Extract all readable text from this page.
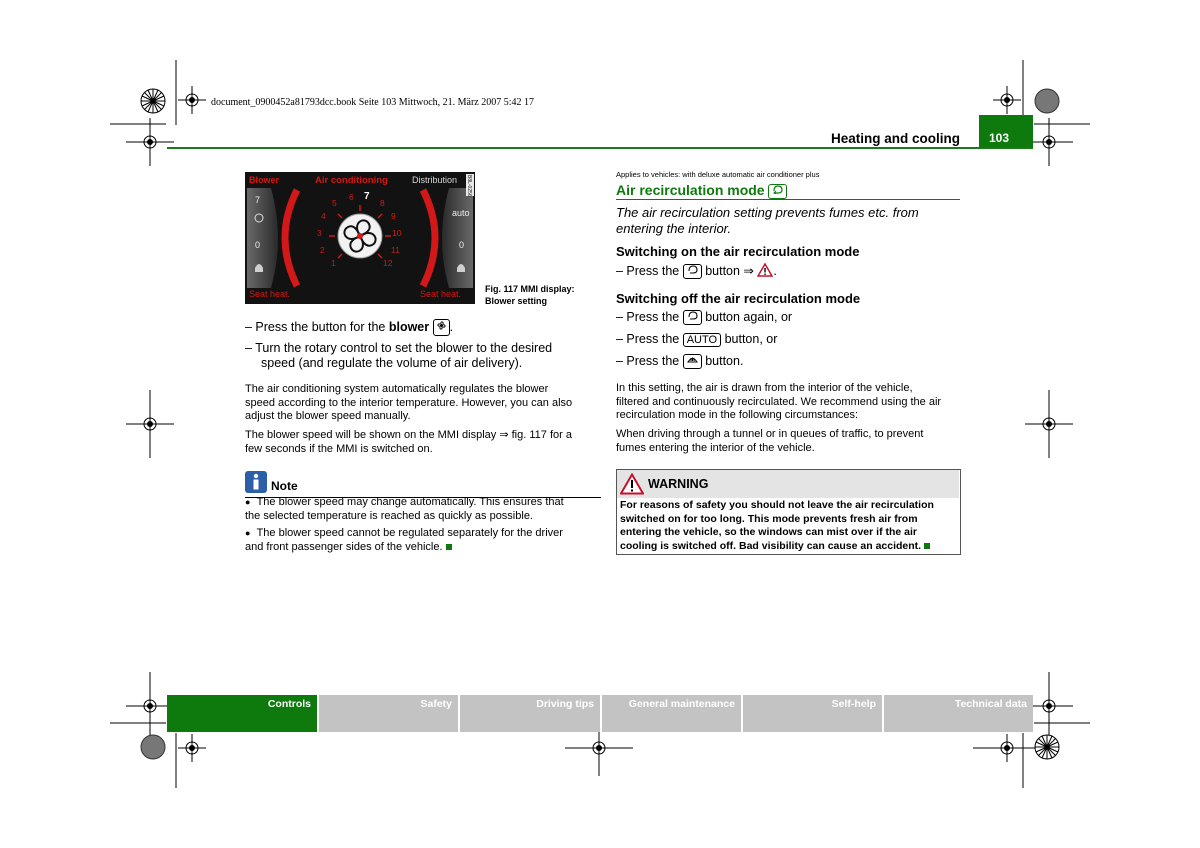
document_0900452a81793dcc.book Seite 103 Mittwoch, 21. März 2007 5:42 17
Heating and cooling	103
Blower	Air conditioning	Distribution B8L-0256
7
0
auto
0
Seat heat.	Seat heat.
7
1
2
3
4
5
6
8
9
10
11
12
Fig. 117 MMI display:
Blower setting
– Press the button for the blower .
– Turn the rotary control to set the blower to the desired
speed (and regulate the volume of air delivery).
The air conditioning system automatically regulates the blower
speed according to the interior temperature. However, you can also
adjust the blower speed manually.
The blower speed will be shown on the MMI display ⇒ fig. 117 for a
few seconds if the MMI is switched on.
Note
● The blower speed may change automatically. This ensures that
the selected temperature is reached as quickly as possible.
● The blower speed cannot be regulated separately for the driver
and front passenger sides of the vehicle.
Applies to vehicles: with deluxe automatic air conditioner plus
Air recirculation mode
The air recirculation setting prevents fumes etc. from
entering the interior.
Switching on the air recirculation mode
– Press the button ⇒ .
Switching off the air recirculation mode
– Press the button again, or
– Press the AUTO button, or
– Press the button.
In this setting, the air is drawn from the interior of the vehicle,
filtered and continuously recirculated. We recommend using the air
recirculation mode in the following circumstances:
When driving through a tunnel or in queues of traffic, to prevent
fumes entering the interior of the vehicle.
WARNING
For reasons of safety you should not leave the air recirculation
switched on for too long. This mode prevents fresh air from
entering the vehicle, so the windows can mist over if the air
cooling is switched off. Bad visibility can cause an accident.
Controls	Safety	Driving tips	General maintenance	Self-help	Technical data
